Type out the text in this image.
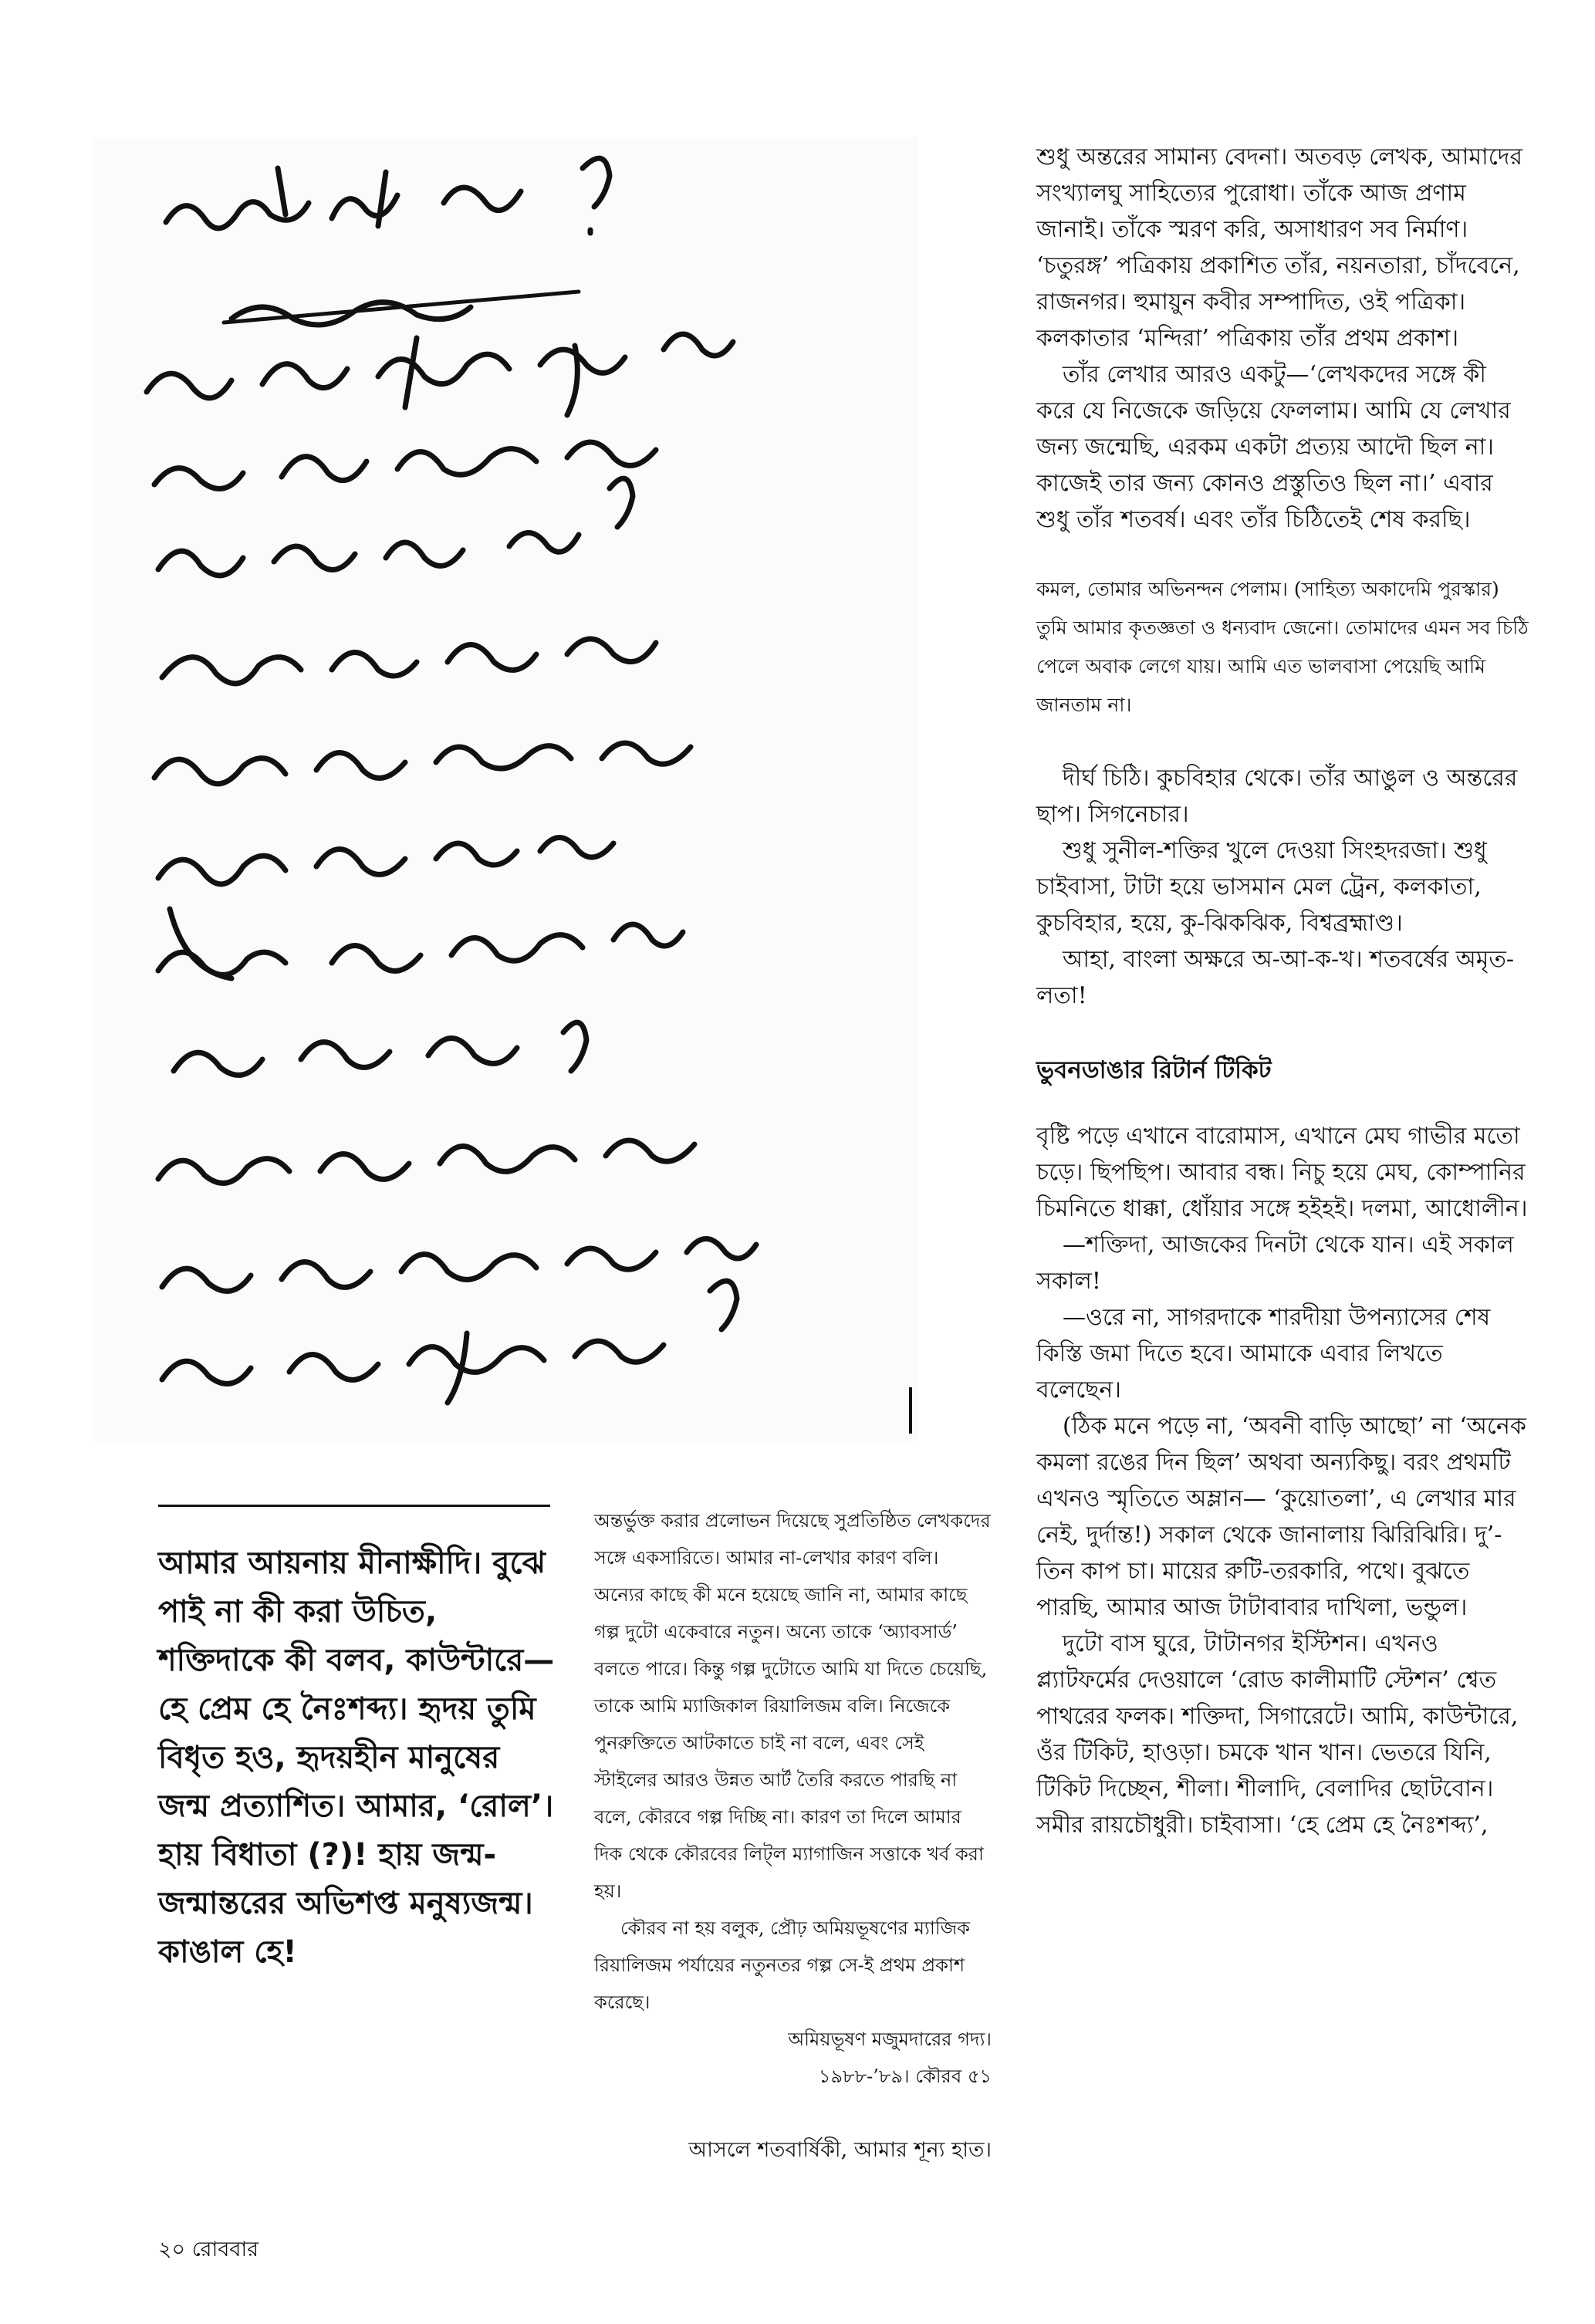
শুধু অন্তরের সামান্য বেদনা। অতবড় লেখক, আমাদের সংখ্যালঘু সাহিত্যের পুরোধা। তাঁকে আজ প্রণাম জানাই। তাঁকে স্মরণ করি, অসাধারণ সব নির্মাণ। ‘চতুরঙ্গ’ পত্রিকায় প্রকাশিত তাঁর, নয়নতারা, চাঁদবেনে, রাজনগর। হুমায়ুন কবীর সম্পাদিত, ওই পত্রিকা। কলকাতার ‘মন্দিরা’ পত্রিকায় তাঁর প্রথম প্রকাশ।

তাঁর লেখার আরও একটু—‘লেখকদের সঙ্গে কী করে যে নিজেকে জড়িয়ে ফেললাম। আমি যে লেখার জন্য জন্মেছি, এরকম একটা প্রত্যয় আদৌ ছিল না। কাজেই তার জন্য কোনও প্রস্তুতিও ছিল না।’ এবার শুধু তাঁর শতবর্ষ। এবং তাঁর চিঠিতেই শেষ করছি।

কমল, তোমার অভিনন্দন পেলাম। (সাহিত্য অকাদেমি পুরস্কার) তুমি আমার কৃতজ্ঞতা ও ধন্যবাদ জেনো। তোমাদের এমন সব চিঠি পেলে অবাক লেগে যায়। আমি এত ভালবাসা পেয়েছি আমি জানতাম না।

দীর্ঘ চিঠি। কুচবিহার থেকে। তাঁর আঙুল ও অন্তরের ছাপ। সিগনেচার।

শুধু সুনীল-শক্তির খুলে দেওয়া সিংহদরজা। শুধু চাইবাসা, টাটা হয়ে ভাসমান মেল ট্রেন, কলকাতা, কুচবিহার, হয়ে, কু-ঝিকঝিক, বিশ্বব্রহ্মাণ্ড।

আহা, বাংলা অক্ষরে অ-আ-ক-খ। শতবর্ষের অমৃত-লতা!

ভুবনডাঙার রিটার্ন টিকিট

বৃষ্টি পড়ে এখানে বারোমাস, এখানে মেঘ গাভীর মতো চড়ে। ছিপছিপ। আবার বন্ধ। নিচু হয়ে মেঘ, কোম্পানির চিমনিতে ধাক্কা, ধোঁয়ার সঙ্গে হইহই। দলমা, আধোলীন।

—শক্তিদা, আজকের দিনটা থেকে যান। এই সকাল সকাল!

—ওরে না, সাগরদাকে শারদীয়া উপন্যাসের শেষ কিস্তি জমা দিতে হবে। আমাকে এবার লিখতে বলেছেন।

(ঠিক মনে পড়ে না, ‘অবনী বাড়ি আছো’ না ‘অনেক কমলা রঙের দিন ছিল’ অথবা অন্যকিছু। বরং প্রথমটি এখনও স্মৃতিতে অম্লান— ‘কুয়োতলা’, এ লেখার মার নেই, দুর্দান্ত!) সকাল থেকে জানালায় ঝিরিঝিরি। দু’-তিন কাপ চা। মায়ের রুটি-তরকারি, পথে। বুঝতে পারছি, আমার আজ টাটাবাবার দাখিলা, ভন্ডুল।

দুটো বাস ঘুরে, টাটানগর ইস্টিশন। এখনও প্ল্যাটফর্মের দেওয়ালে ‘রোড কালীমাটি স্টেশন’ শ্বেত পাথরের ফলক। শক্তিদা, সিগারেটে। আমি, কাউন্টারে, ওঁর টিকিট, হাওড়া। চমকে খান খান। ভেতরে যিনি, টিকিট দিচ্ছেন, শীলা। শীলাদি, বেলাদির ছোটবোন। সমীর রায়চৌধুরী। চাইবাসা। ‘হে প্রেম হে নৈঃশব্দ্য’,

আমার আয়নায় মীনাক্ষীদি। বুঝে পাই না কী করা উচিত, শক্তিদাকে কী বলব, কাউন্টারে— হে প্রেম হে নৈঃশব্দ্য। হৃদয় তুমি বিধৃত হও, হৃদয়হীন মানুষের জন্ম প্রত্যাশিত। আমার, ‘রোল’। হায় বিধাতা (?)! হায় জন্ম-জন্মান্তরের অভিশপ্ত মনুষ্যজন্ম। কাঙাল হে!

অন্তর্ভুক্ত করার প্রলোভন দিয়েছে সুপ্রতিষ্ঠিত লেখকদের সঙ্গে একসারিতে। আমার না-লেখার কারণ বলি। অন্যের কাছে কী মনে হয়েছে জানি না, আমার কাছে গল্প দুটো একেবারে নতুন। অন্যে তাকে ‘অ্যাবসার্ড’ বলতে পারে। কিন্তু গল্প দুটোতে আমি যা দিতে চেয়েছি, তাকে আমি ম্যাজিকাল রিয়ালিজম বলি। নিজেকে পুনরুক্তিতে আটকাতে চাই না বলে, এবং সেই স্টাইলের আরও উন্নত আর্ট তৈরি করতে পারছি না বলে, কৌরবে গল্প দিচ্ছি না। কারণ তা দিলে আমার দিক থেকে কৌরবের লিট্‌ল ম্যাগাজিন সত্তাকে খর্ব করা হয়।

কৌরব না হয় বলুক, প্রৌঢ় অমিয়ভূষণের ম্যাজিক রিয়ালিজম পর্যায়ের নতুনতর গল্প সে-ই প্রথম প্রকাশ করেছে।

অমিয়ভূষণ মজুমদারের গদ্য।

১৯৮৮-’৮৯। কৌরব ৫১

আসলে শতবার্ষিকী, আমার শূন্য হাত।

২০ রোববার
